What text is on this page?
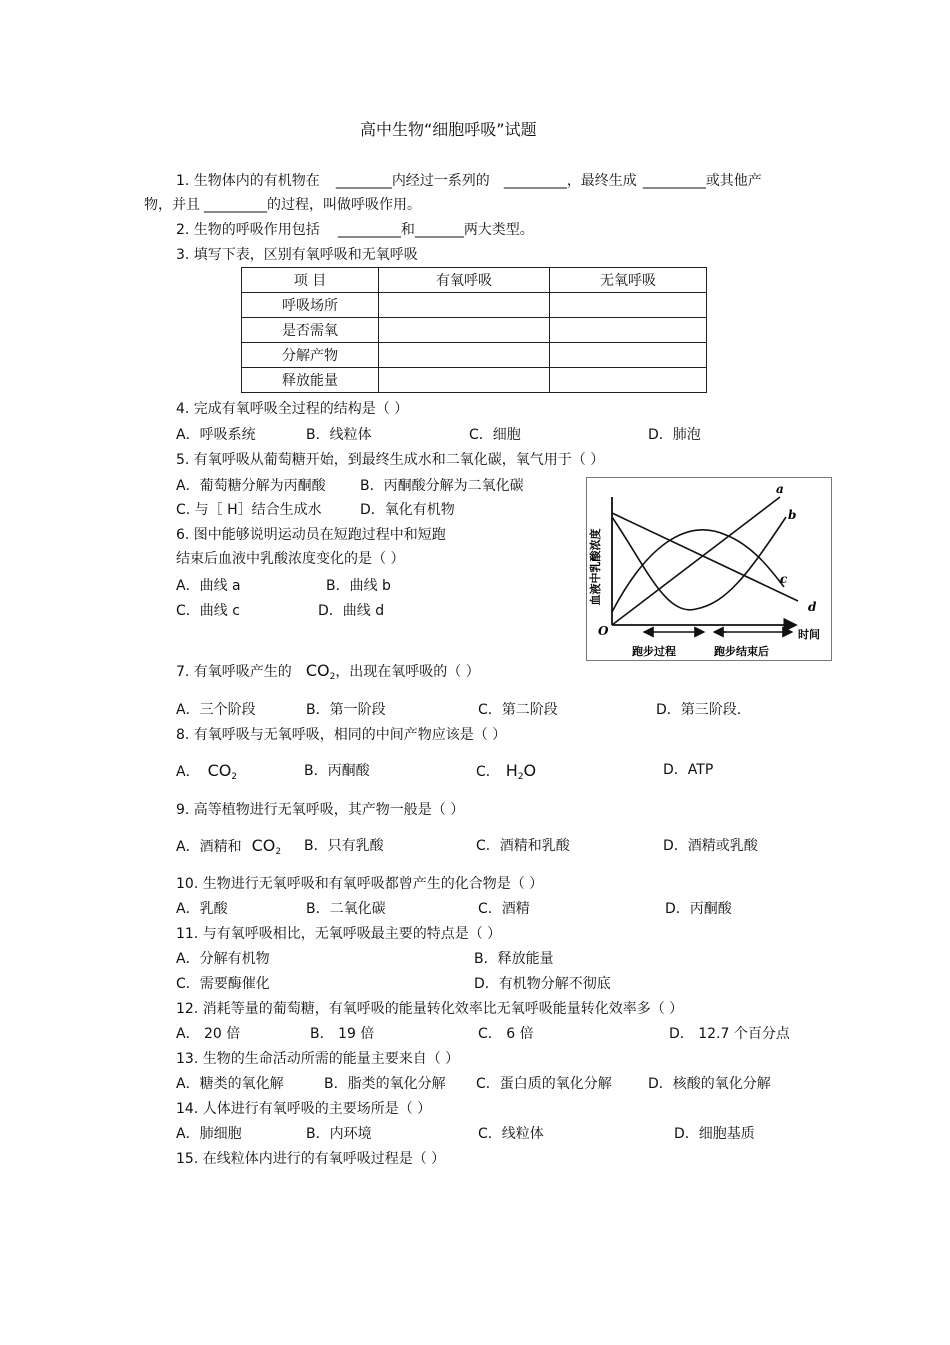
高中生物“细胞呼吸”试题
1. 生物体内的有机物在 ________内经过一系列的 _________，最终生成 _________或其他产
物，并且 _________的过程，叫做呼吸作用。
2. 生物的呼吸作用包括 _________和_______两大类型。
3. 填写下表，区别有氧呼吸和无氧呼吸
项 目	有氧呼吸	无氧呼吸
呼吸场所		
是否需氧		
分解产物		
释放能量		
4. 完成有氧呼吸全过程的结构是（ ）
A．呼吸系统	B．线粒体	C．细胞	D．肺泡
5. 有氧呼吸从葡萄糖开始，到最终生成水和二氧化碳，氧气用于（ ）
A．葡萄糖分解为丙酮酸 B．丙酮酸分解为二氧化碳
C. 与［ H］结合生成水	D．氧化有机物
6. 图中能够说明运动员在短跑过程中和短跑
结束后血液中乳酸浓度变化的是（ ）
A．曲线 a	B．曲线 b
C．曲线 c	D．曲线 d
a
b
c
d
O	时间
血液中乳酸浓度
跑步过程	跑步结束后
7. 有氧呼吸产生的 $CO_2$，出现在氧呼吸的（ ）
A．三个阶段	B．第一阶段	C．第二阶段	D．第三阶段.
8. 有氧呼吸与无氧呼吸，相同的中间产物应该是（ ）
A． $CO_2$	B．丙酮酸	C． $H_2O$	D．ATP
9. 高等植物进行无氧呼吸，其产物一般是（ ）
A．酒精和 $CO_2$ B．只有乳酸	C．酒精和乳酸	D．酒精或乳酸
10. 生物进行无氧呼吸和有氧呼吸都曾产生的化合物是（ ）
A．乳酸	B．二氧化碳	C．酒精	D．丙酮酸
11. 与有氧呼吸相比，无氧呼吸最主要的特点是（ ）
A．分解有机物	B．释放能量
C．需要酶催化	D．有机物分解不彻底
12. 消耗等量的葡萄糖，有氧呼吸的能量转化效率比无氧呼吸能量转化效率多（ ）
A． 20 倍	B． 19 倍	C． 6 倍	D． 12.7 个百分点
13. 生物的生命活动所需的能量主要来自（ ）
A．糖类的氧化解	B．脂类的氧化分解 C．蛋白质的氧化分解	D．核酸的氧化分解
14. 人体进行有氧呼吸的主要场所是（ ）
A．肺细胞	B．内环境	C．线粒体	D．细胞基质
15. 在线粒体内进行的有氧呼吸过程是（ ）
